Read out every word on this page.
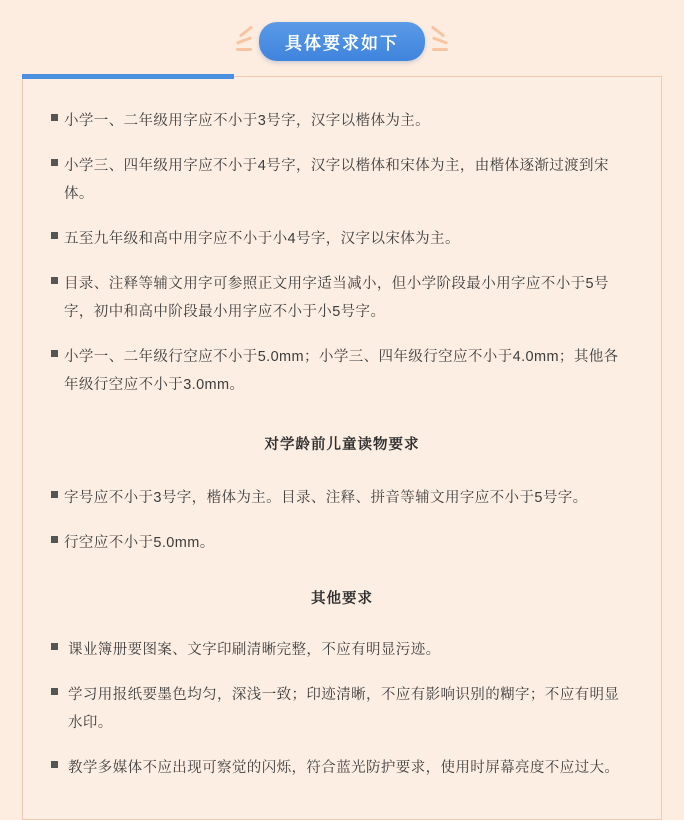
具体要求如下
小学一、二年级用字应不小于3号字，汉字以楷体为主。
小学三、四年级用字应不小于4号字，汉字以楷体和宋体为主，由楷体逐渐过渡到宋体。
五至九年级和高中用字应不小于小4号字，汉字以宋体为主。
目录、注释等辅文用字可参照正文用字适当减小，但小学阶段最小用字应不小于5号字，初中和高中阶段最小用字应不小于小5号字。
小学一、二年级行空应不小于5.0mm；小学三、四年级行空应不小于4.0mm；其他各年级行空应不小于3.0mm。
对学龄前儿童读物要求
字号应不小于3号字，楷体为主。目录、注释、拼音等辅文用字应不小于5号字。
行空应不小于5.0mm。
其他要求
课业簿册要图案、文字印刷清晰完整，不应有明显污迹。
学习用报纸要墨色均匀，深浅一致；印迹清晰，不应有影响识别的糊字；不应有明显水印。
教学多媒体不应出现可察觉的闪烁，符合蓝光防护要求，使用时屏幕亮度不应过大。
